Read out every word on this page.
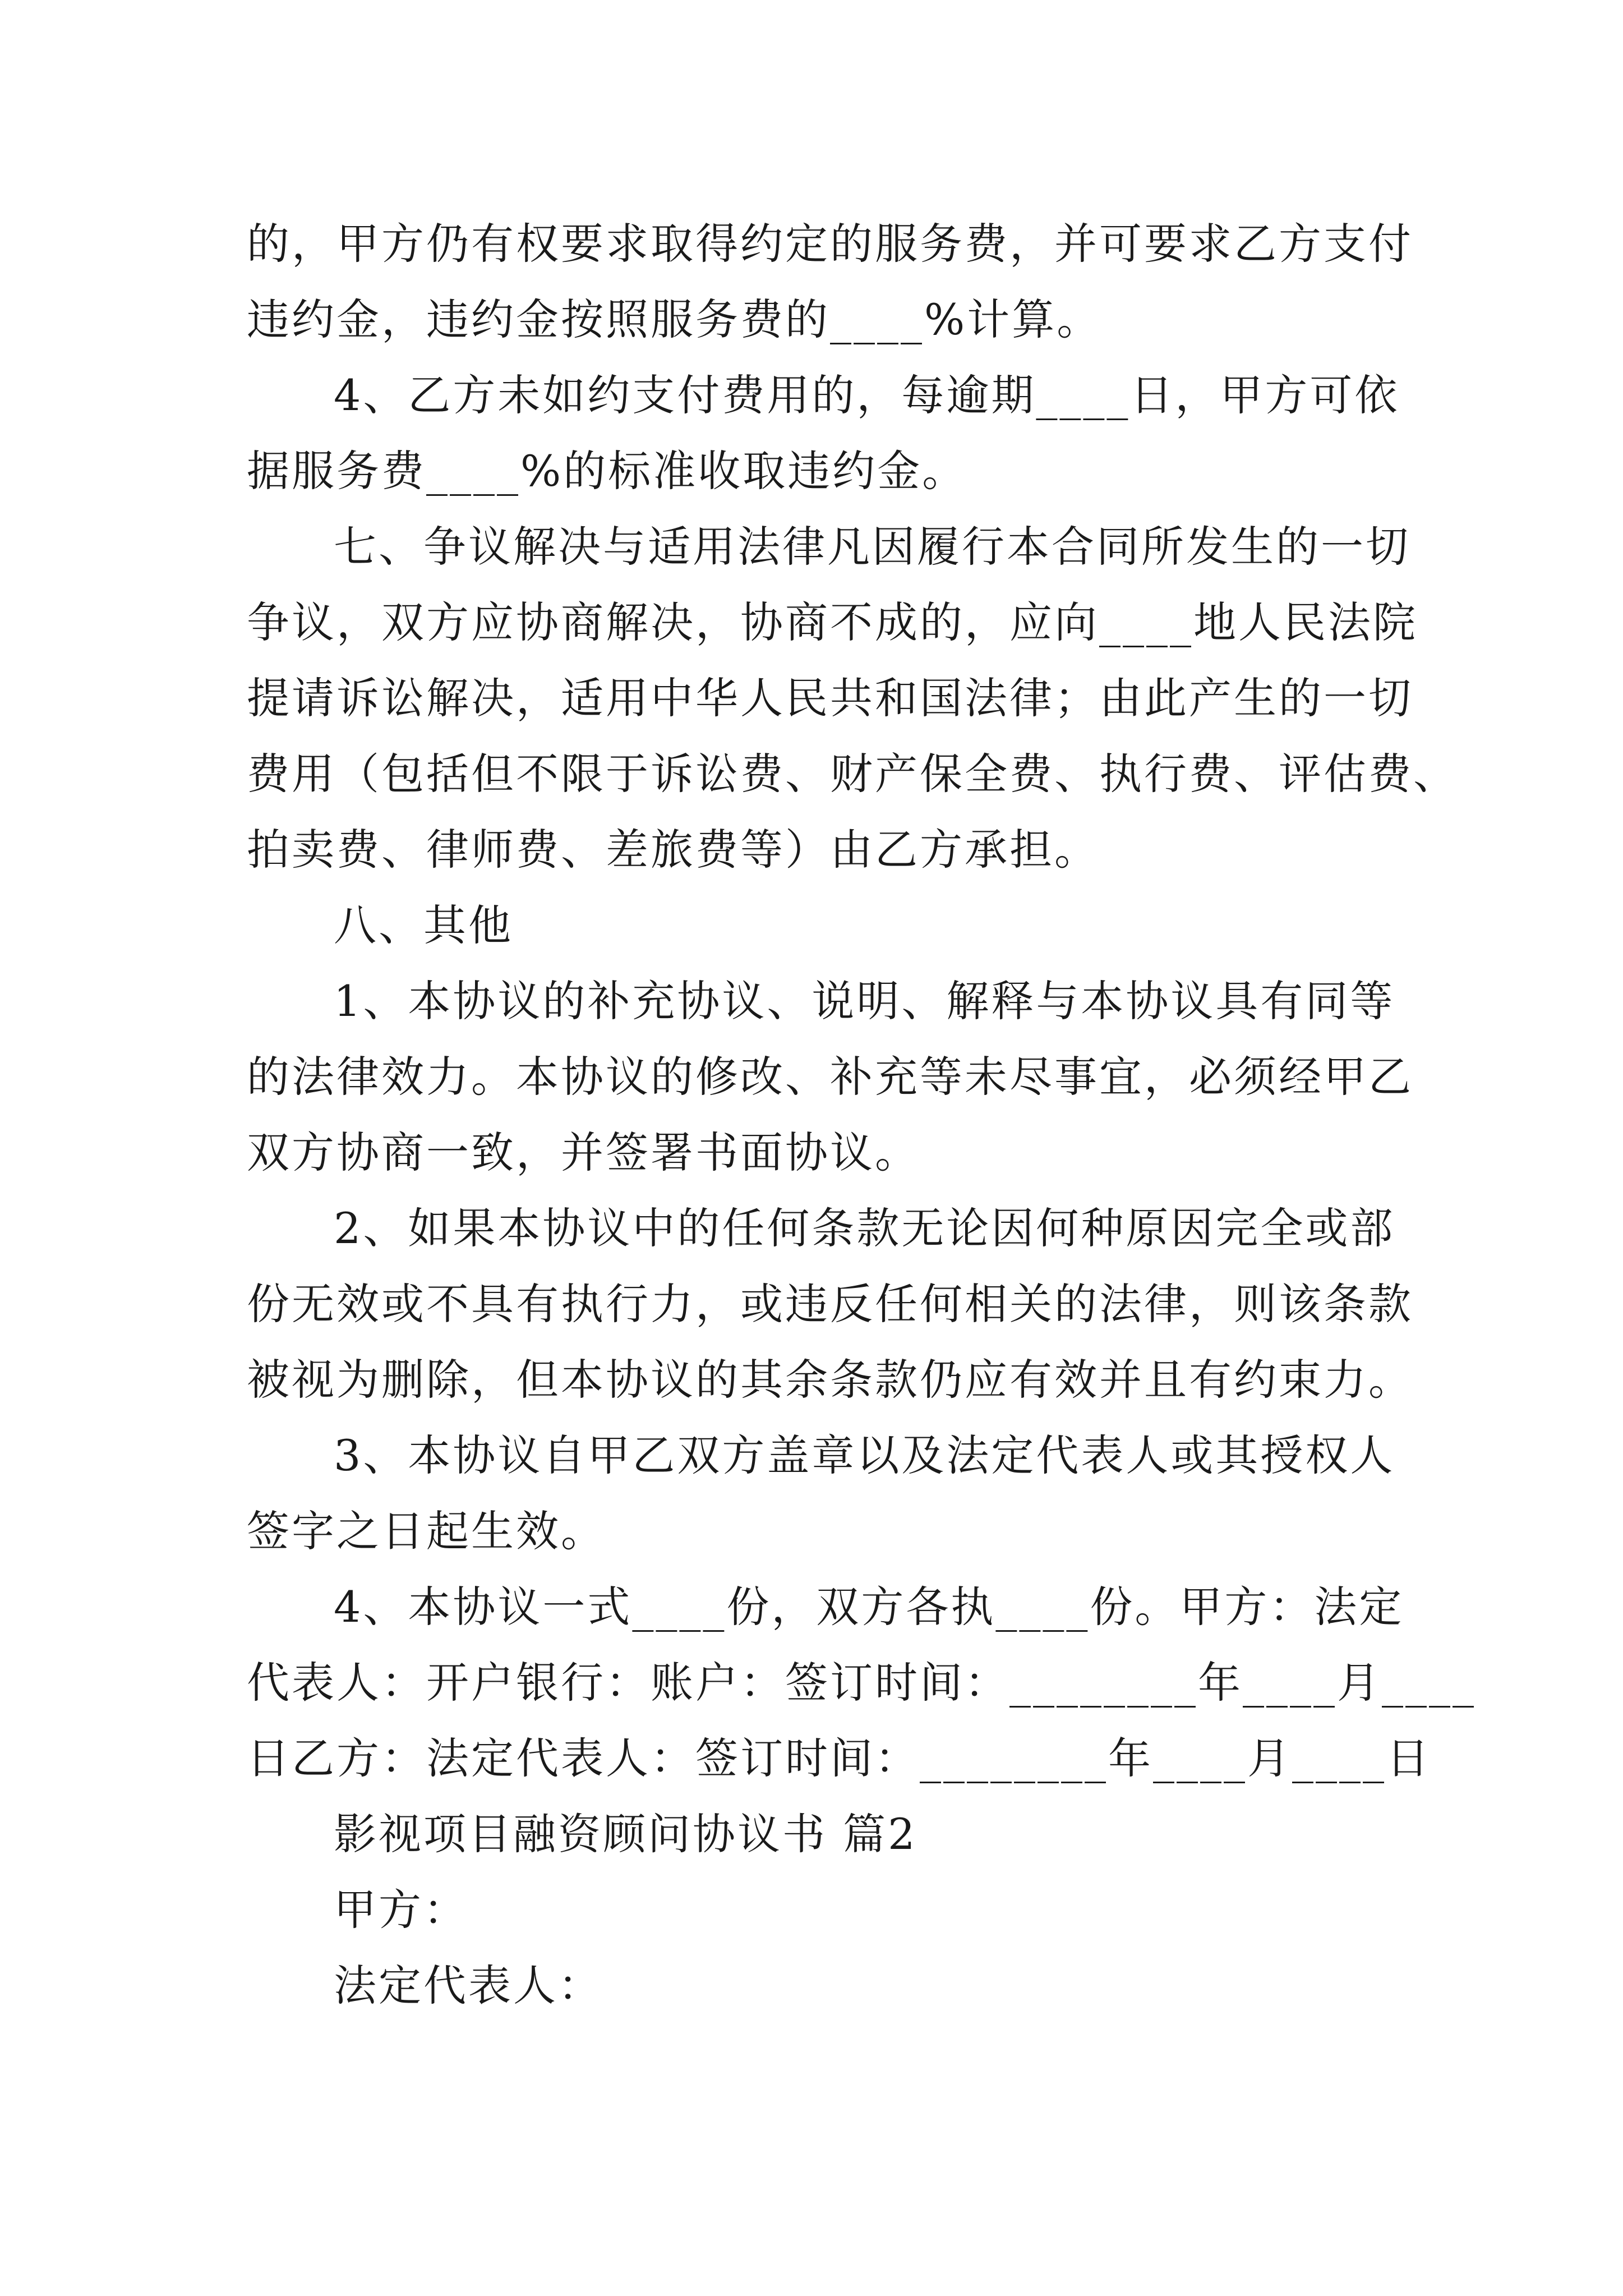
的，甲方仍有权要求取得约定的服务费，并可要求乙方支付
违约金，违约金按照服务费的____%计算。
4、乙方未如约支付费用的，每逾期____日，甲方可依
据服务费____%的标准收取违约金。
七、争议解决与适用法律凡因履行本合同所发生的一切
争议，双方应协商解决，协商不成的，应向____地人民法院
提请诉讼解决，适用中华人民共和国法律；由此产生的一切
费用（包括但不限于诉讼费、财产保全费、执行费、评估费、
拍卖费、律师费、差旅费等）由乙方承担。
八、其他
1、本协议的补充协议、说明、解释与本协议具有同等
的法律效力。本协议的修改、补充等未尽事宜，必须经甲乙
双方协商一致，并签署书面协议。
2、如果本协议中的任何条款无论因何种原因完全或部
份无效或不具有执行力，或违反任何相关的法律，则该条款
被视为删除，但本协议的其余条款仍应有效并且有约束力。
3、本协议自甲乙双方盖章以及法定代表人或其授权人
签字之日起生效。
4、本协议一式____份，双方各执____份。甲方：法定
代表人：开户银行：账户：签订时间：________年____月____
日乙方：法定代表人：签订时间：________年____月____日
影视项目融资顾问协议书 篇2
甲方：
法定代表人：
